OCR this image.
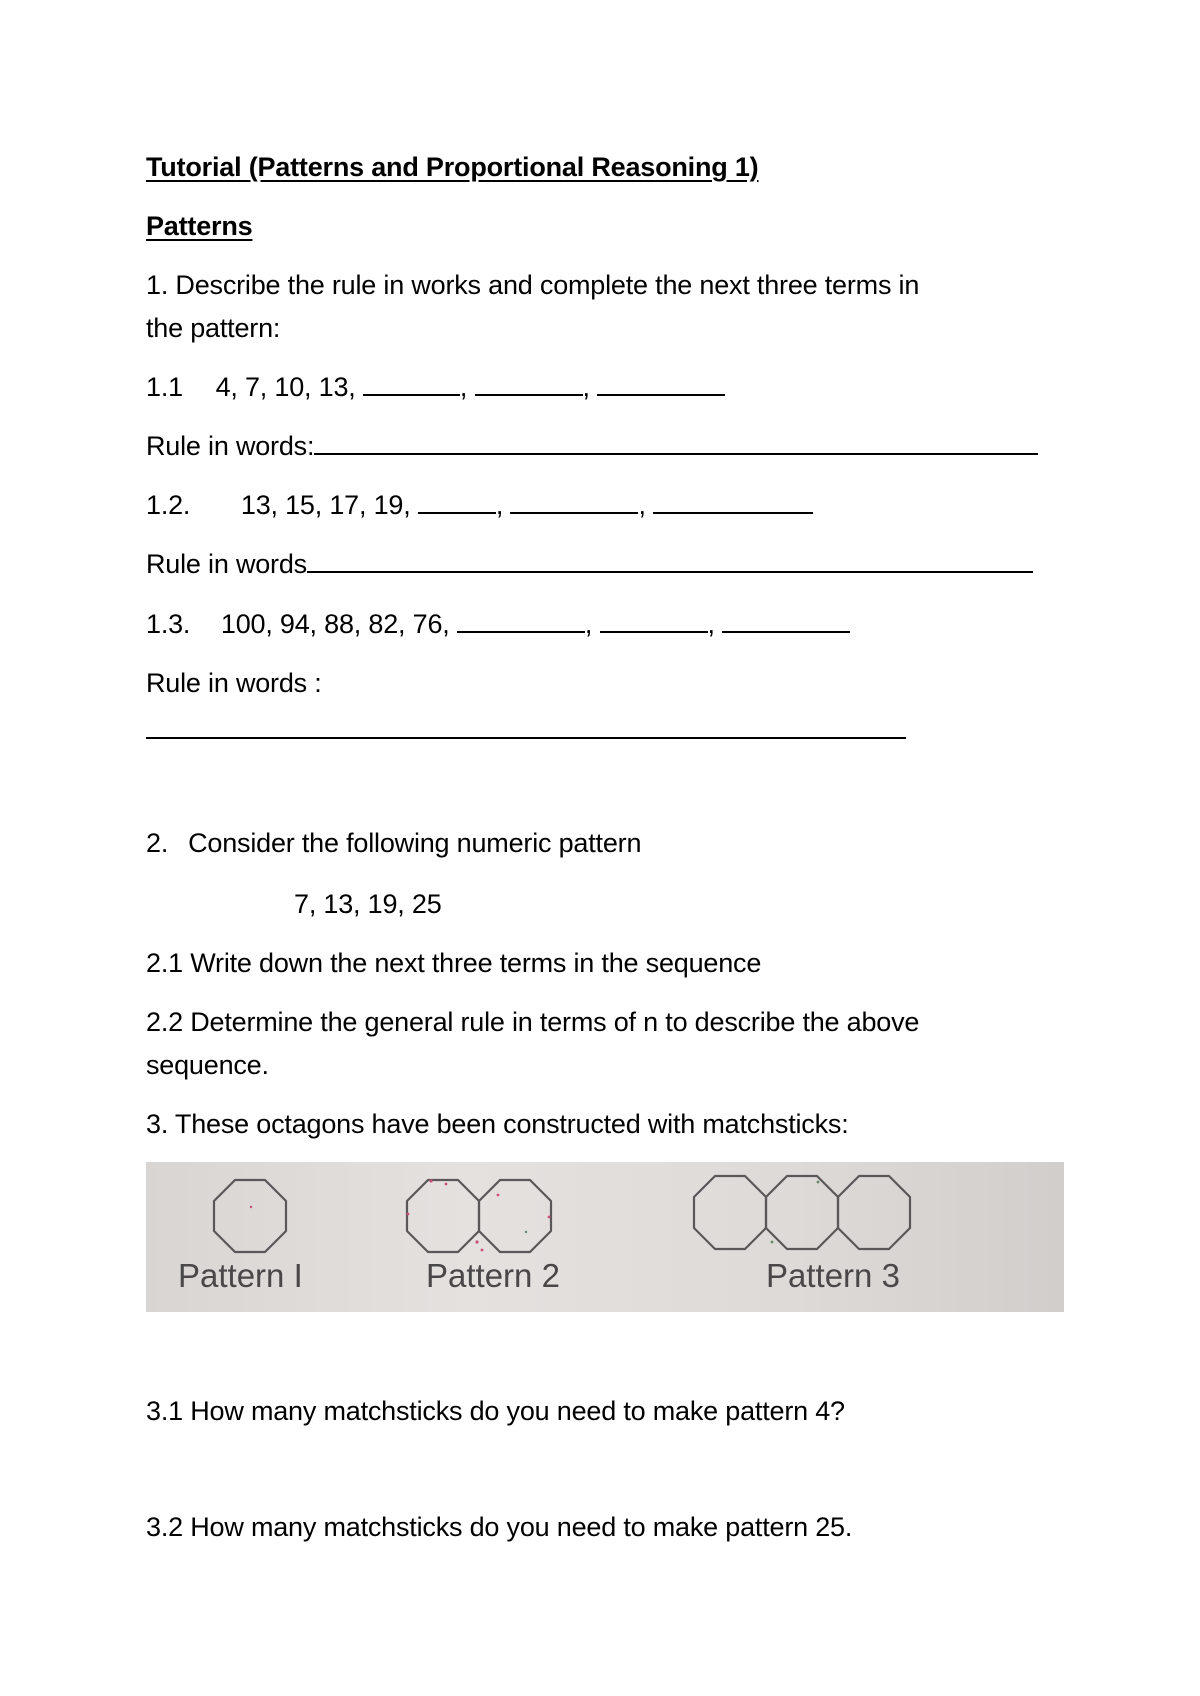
Tutorial (Patterns and Proportional Reasoning 1)

Patterns

1. Describe the rule in works and complete the next three terms in

the pattern:

1.1 4, 7, 10, 13,	,	,

Rule in words:

1.2. 13, 15, 17, 19,	,	,

Rule in words

1.3. 100, 94, 88, 82, 76,	,	,

Rule in words :

2. Consider the following numeric pattern

7, 13, 19, 25

2.1 Write down the next three terms in the sequence

2.2 Determine the general rule in terms of n to describe the above

sequence.

3. These octagons have been constructed with matchsticks:

Pattern I	Pattern 2	Pattern 3

3.1 How many matchsticks do you need to make pattern 4?

3.2 How many matchsticks do you need to make pattern 25.
